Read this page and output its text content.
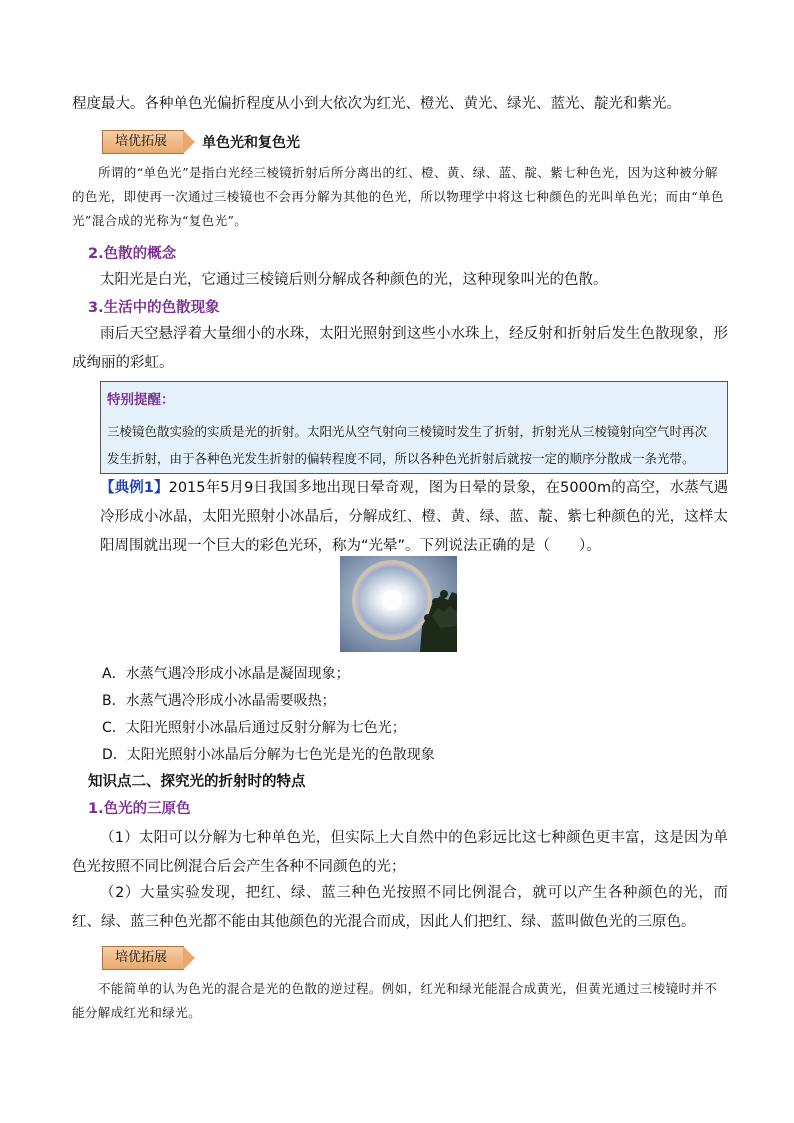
程度最大。各种单色光偏折程度从小到大依次为红光、橙光、黄光、绿光、蓝光、靛光和紫光。

培优拓展	单色光和复色光

所谓的“单色光”是指白光经三棱镜折射后所分离出的红、橙、黄、绿、蓝、靛、紫七种色光，因为这种被分解的色光，即使再一次通过三棱镜也不会再分解为其他的色光，所以物理学中将这七种颜色的光叫单色光；而由“单色光”混合成的光称为“复色光”。

2.色散的概念

太阳光是白光，它通过三棱镜后则分解成各种颜色的光，这种现象叫光的色散。

3.生活中的色散现象

雨后天空悬浮着大量细小的水珠，太阳光照射到这些小水珠上，经反射和折射后发生色散现象，形成绚丽的彩虹。

特别提醒：
三棱镜色散实验的实质是光的折射。太阳光从空气射向三棱镜时发生了折射，折射光从三棱镜射向空气时再次发生折射，由于各种色光发生折射的偏转程度不同，所以各种色光折射后就按一定的顺序分散成一条光带。

【典例1】2015年5月9日我国多地出现日晕奇观，图为日晕的景象，在5000m的高空，水蒸气遇冷形成小冰晶，太阳光照射小冰晶后，分解成红、橙、黄、绿、蓝、靛、紫七种颜色的光，这样太阳周围就出现一个巨大的彩色光环，称为“光晕”。下列说法正确的是（　　）。

A．水蒸气遇冷形成小冰晶是凝固现象；
B．水蒸气遇冷形成小冰晶需要吸热；
C．太阳光照射小冰晶后通过反射分解为七色光；
D．太阳光照射小冰晶后分解为七色光是光的色散现象
知识点二、探究光的折射时的特点
1.色光的三原色

（1）太阳可以分解为七种单色光，但实际上大自然中的色彩远比这七种颜色更丰富，这是因为单色光按照不同比例混合后会产生各种不同颜色的光；

（2）大量实验发现，把红、绿、蓝三种色光按照不同比例混合，就可以产生各种颜色的光，而红、绿、蓝三种色光都不能由其他颜色的光混合而成，因此人们把红、绿、蓝叫做色光的三原色。

培优拓展

不能简单的认为色光的混合是光的色散的逆过程。例如，红光和绿光能混合成黄光，但黄光通过三棱镜时并不能分解成红光和绿光。
